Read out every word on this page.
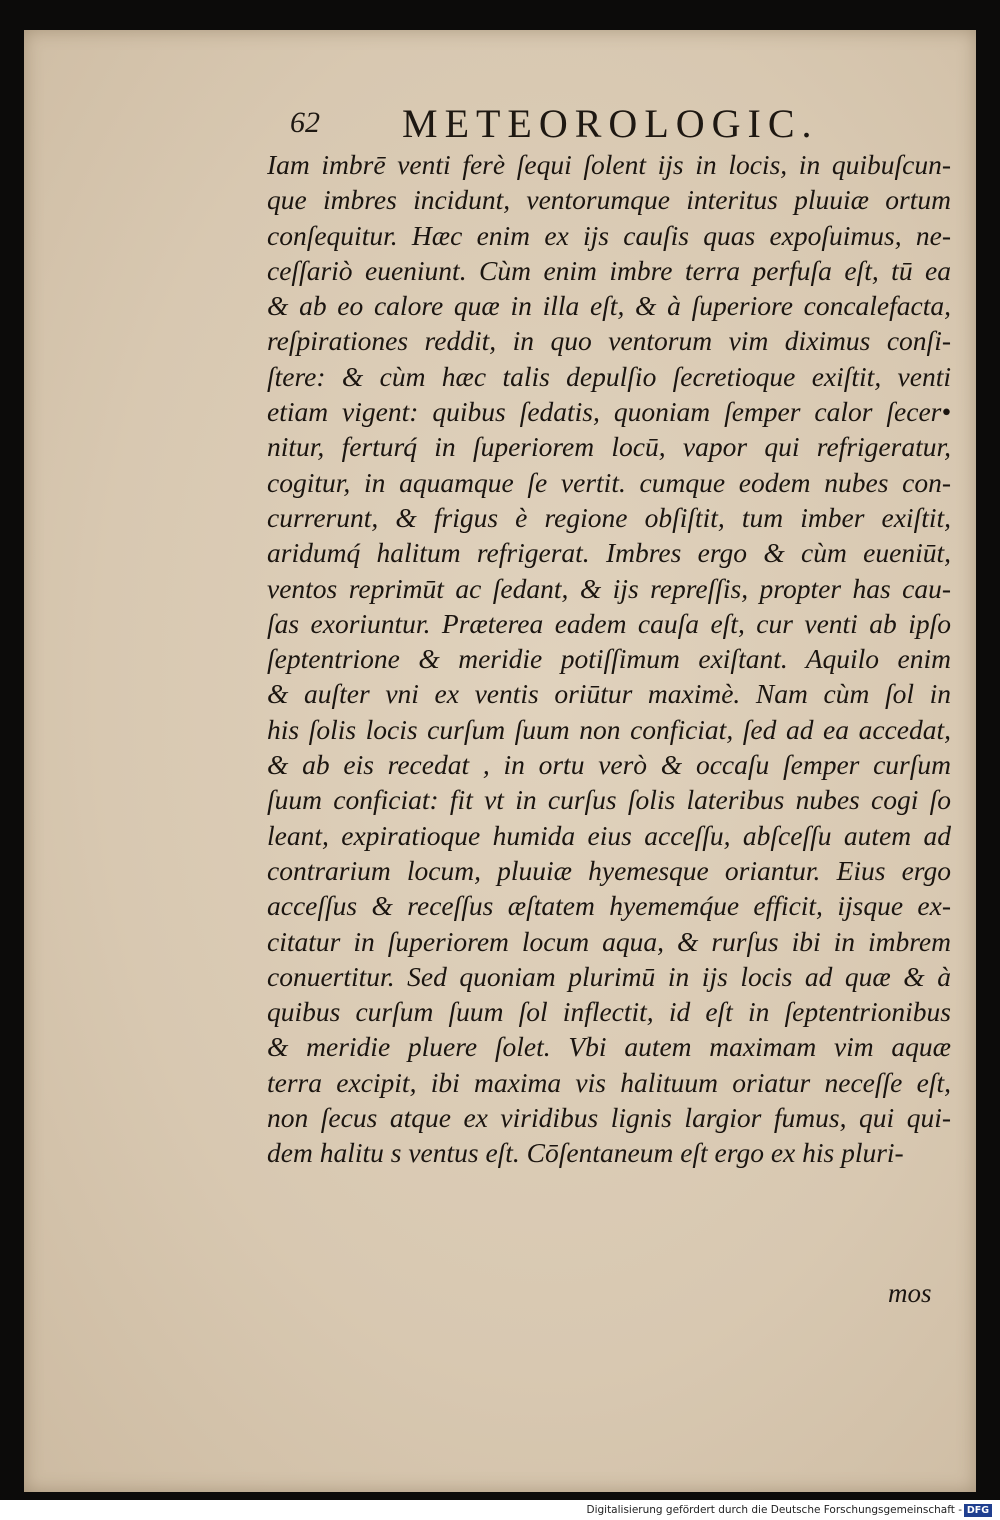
62 METEOROLOGIC.
Iam imbrē venti ferè ſequi ſolent ijs in locis, in quibuſcun-
que imbres incidunt, ventorumque interitus pluuiæ ortum
conſequitur. Hæc enim ex ijs cauſis quas expoſuimus, ne-
ceſſariò eueniunt. Cùm enim imbre terra perfuſa eſt, tū ea
& ab eo calore quæ in illa eſt, & à ſuperiore concalefacta,
reſpirationes reddit, in quo ventorum vim diximus conſi-
ſtere: & cùm hæc talis depulſio ſecretioque exiſtit, venti
etiam vigent: quibus ſedatis, quoniam ſemper calor ſecer•
nitur, ferturq́ in ſuperiorem locū, vapor qui refrigeratur,
cogitur, in aquamque ſe vertit. cumque eodem nubes con-
currerunt, & frigus è regione obſiſtit, tum imber exiſtit,
aridumq́ halitum refrigerat. Imbres ergo & cùm eueniūt,
ventos reprimūt ac ſedant, & ijs repreſſis, propter has cau-
ſas exoriuntur. Præterea eadem cauſa eſt, cur venti ab ipſo
ſeptentrione & meridie potiſſimum exiſtant. Aquilo enim
& auſter vni ex ventis oriūtur maximè. Nam cùm ſol in
his ſolis locis curſum ſuum non conficiat, ſed ad ea accedat,
& ab eis recedat , in ortu verò & occaſu ſemper curſum
ſuum conficiat: fit vt in curſus ſolis lateribus nubes cogi ſo
leant, expiratioque humida eius acceſſu, abſceſſu autem ad
contrarium locum, pluuiæ hyemesque oriantur. Eius ergo
acceſſus & receſſus æſtatem hyememq́ue efficit, ijsque ex-
citatur in ſuperiorem locum aqua, & rurſus ibi in imbrem
conuertitur. Sed quoniam plurimū in ijs locis ad quæ & à
quibus curſum ſuum ſol inflectit, id eſt in ſeptentrionibus
& meridie pluere ſolet. Vbi autem maximam vim aquæ
terra excipit, ibi maxima vis halituum oriatur neceſſe eſt,
non ſecus atque ex viridibus lignis largior fumus, qui qui-
dem halitu s ventus eſt. Cōſentaneum eſt ergo ex his pluri-
mos
Digitalisierung gefördert durch die Deutsche Forschungsgemeinschaft - DFG
